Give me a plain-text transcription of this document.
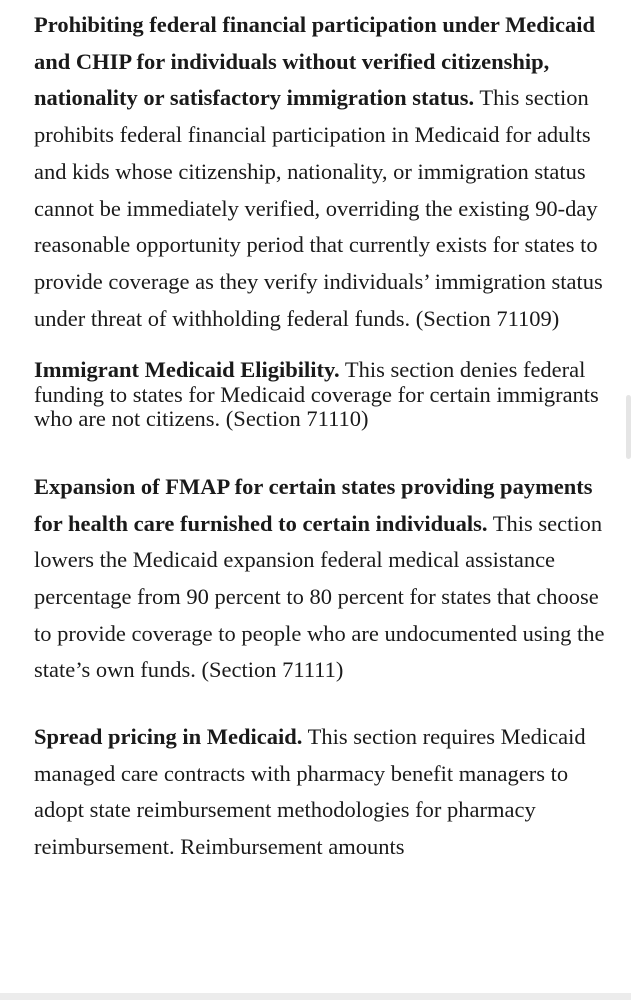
Prohibiting federal financial participation under Medicaid and CHIP for individuals without verified citizenship, nationality or satisfactory immigration status. This section prohibits federal financial participation in Medicaid for adults and kids whose citizenship, nationality, or immigration status cannot be immediately verified, overriding the existing 90-day reasonable opportunity period that currently exists for states to provide coverage as they verify individuals’ immigration status under threat of withholding federal funds. (Section 71109)

Immigrant Medicaid Eligibility. This section denies federal funding to states for Medicaid coverage for certain immigrants who are not citizens. (Section 71110)

Expansion of FMAP for certain states providing payments for health care furnished to certain individuals. This section lowers the Medicaid expansion federal medical assistance percentage from 90 percent to 80 percent for states that choose to provide coverage to people who are undocumented using the state’s own funds. (Section 71111)

Spread pricing in Medicaid. This section requires Medicaid managed care contracts with pharmacy benefit managers to adopt state reimbursement methodologies for pharmacy reimbursement. Reimbursement amounts
